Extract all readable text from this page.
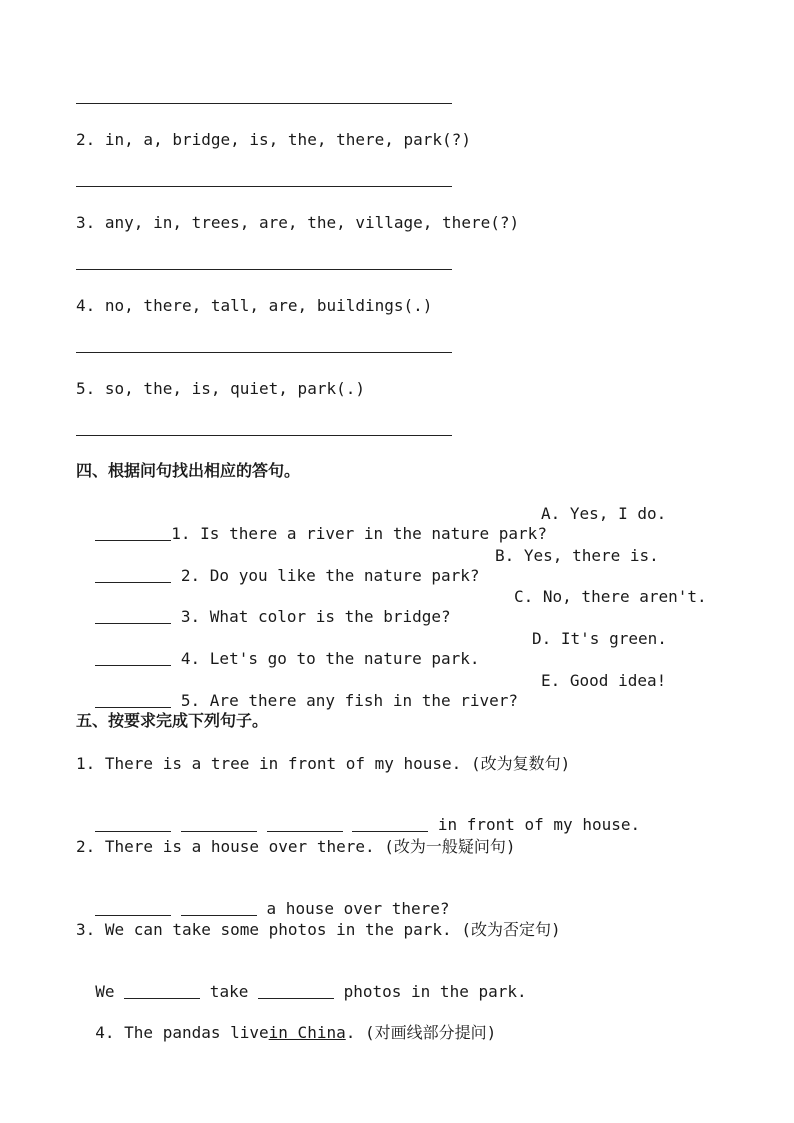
2. in, a, bridge, is, the, there, park(?)
3. any, in, trees, are, the, village, there(?)
4. no, there, tall, are, buildings(.)
5. so, the, is, quiet, park(.)
四、根据问句找出相应的答句。

1. Is there a river in the nature park?

A. Yes, I do.

2. Do you like the nature park?

B. Yes, there is.

3. What color is the bridge?

C. No, there aren't.

4. Let's go to the nature park.

D. It's green.

5. Are there any fish in the river?

E. Good idea!
五、按要求完成下列句子。
1. There is a tree in front of my house. (改为复数句)

in front of my house.

2. There is a house over there. (改为一般疑问句)

a house over there?

3. We can take some photos in the park. (改为否定句)

We	take	photos in the park.

4. The pandas livein China. (对画线部分提问)
